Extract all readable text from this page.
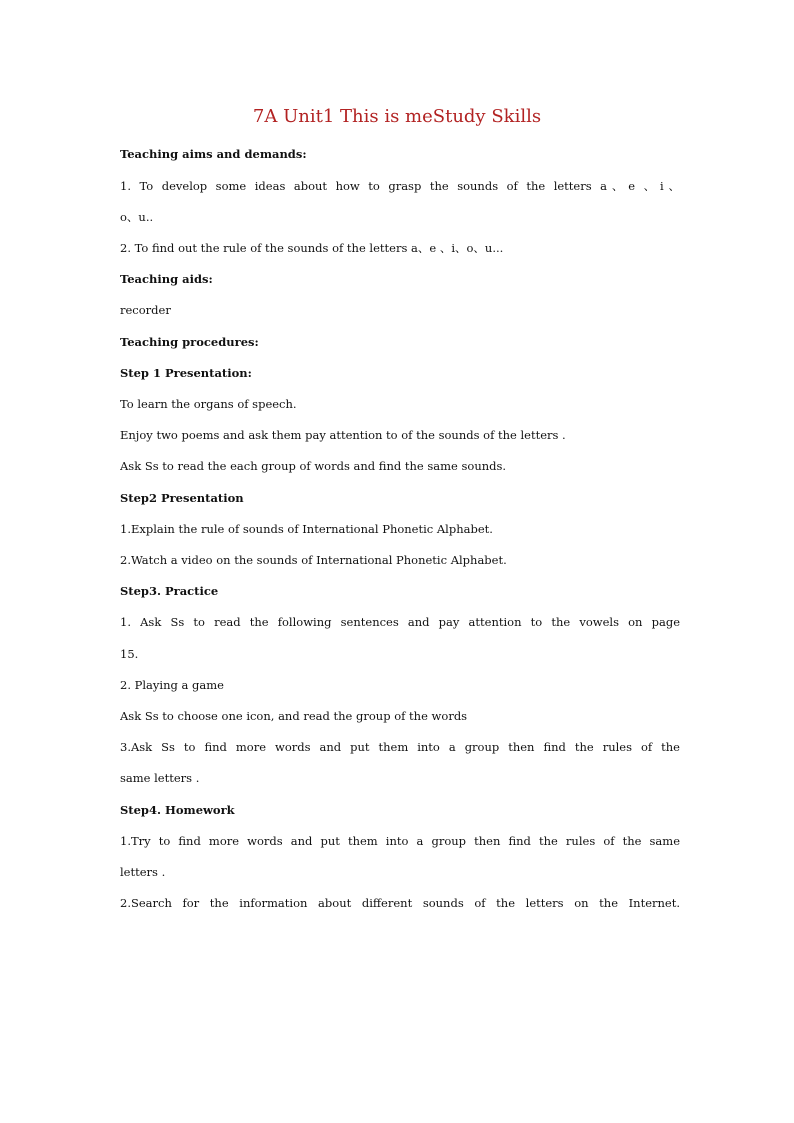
7A Unit1 This is meStudy Skills
Teaching aims and demands:
1. To develop some ideas about how to grasp the sounds of the letters a、e 、i、
o、u..
2. To find out the rule of the sounds of the letters a、e 、i、o、u...
Teaching aids:
recorder
Teaching procedures:
Step 1 Presentation:
To learn the organs of speech.
Enjoy two poems and ask them pay attention to of the sounds of the letters .
Ask Ss to read the each group of words and find the same sounds.
Step2 Presentation
1.Explain the rule of sounds of International Phonetic Alphabet.
2.Watch a video on the sounds of International Phonetic Alphabet.
Step3. Practice
1. Ask Ss to read the following sentences and pay attention to the vowels on page
15.
2. Playing a game
Ask Ss to choose one icon, and read the group of the words
3.Ask Ss to find more words and put them into a group then find the rules of the
same letters .
Step4. Homework
1.Try to find more words and put them into a group then find the rules of the same
letters .
2.Search for the information about different sounds of the letters on the Internet.
